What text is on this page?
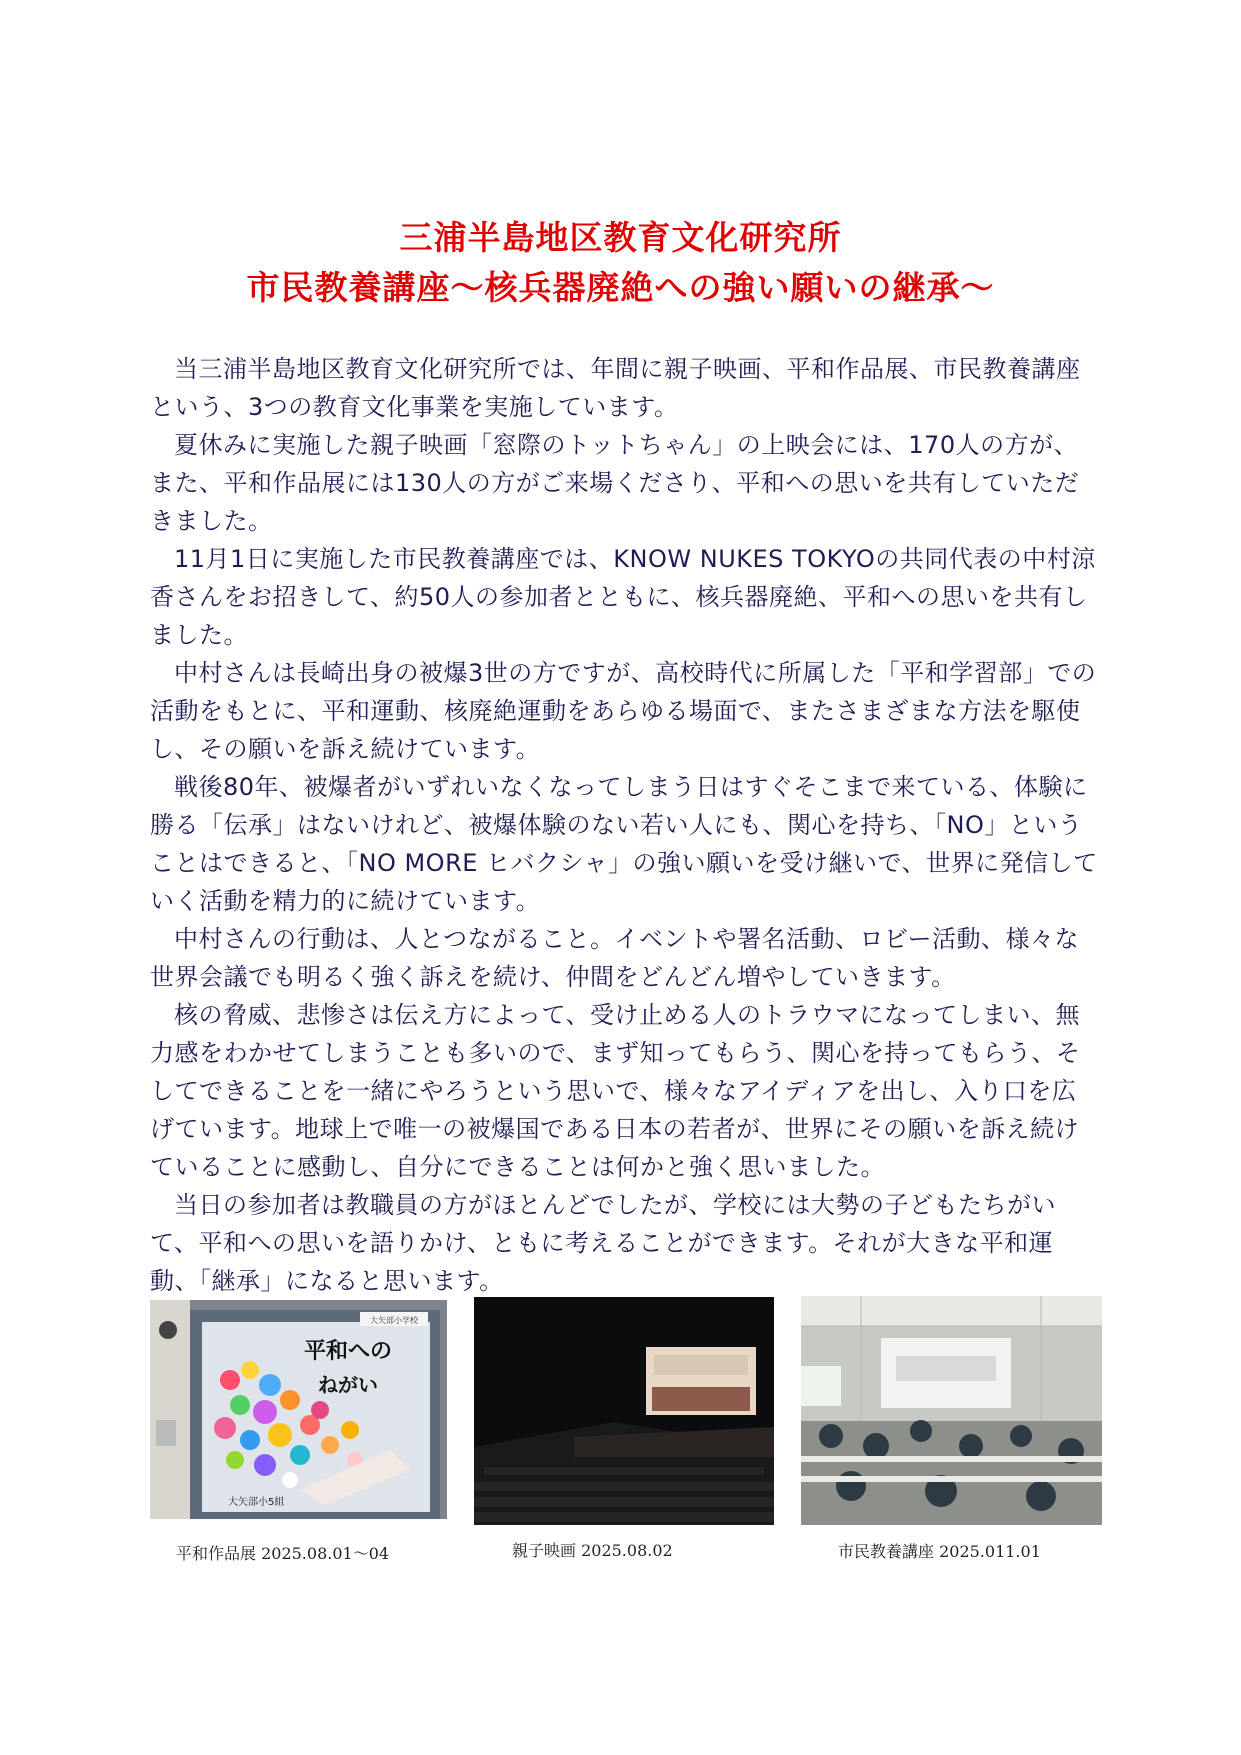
三浦半島地区教育文化研究所
市民教養講座～核兵器廃絶への強い願いの継承～

当三浦半島地区教育文化研究所では、年間に親子映画、平和作品展、市民教養講座という、3つの教育文化事業を実施しています。

夏休みに実施した親子映画「窓際のトットちゃん」の上映会には、170人の方が、また、平和作品展には130人の方がご来場くださり、平和への思いを共有していただきました。

11月1日に実施した市民教養講座では、KNOW NUKES TOKYOの共同代表の中村涼香さんをお招きして、約50人の参加者とともに、核兵器廃絶、平和への思いを共有しました。

中村さんは長崎出身の被爆3世の方ですが、高校時代に所属した「平和学習部」での活動をもとに、平和運動、核廃絶運動をあらゆる場面で、またさまざまな方法を駆使し、その願いを訴え続けています。

戦後80年、被爆者がいずれいなくなってしまう日はすぐそこまで来ている、体験に勝る「伝承」はないけれど、被爆体験のない若い人にも、関心を持ち、「NO」ということはできると、「NO MORE ヒバクシャ」の強い願いを受け継いで、世界に発信していく活動を精力的に続けています。

中村さんの行動は、人とつながること。イベントや署名活動、ロビー活動、様々な世界会議でも明るく強く訴えを続け、仲間をどんどん増やしていきます。

核の脅威、悲惨さは伝え方によって、受け止める人のトラウマになってしまい、無力感をわかせてしまうことも多いので、まず知ってもらう、関心を持ってもらう、そしてできることを一緒にやろうという思いで、様々なアイディアを出し、入り口を広げています。地球上で唯一の被爆国である日本の若者が、世界にその願いを訴え続けていることに感動し、自分にできることは何かと強く思いました。

当日の参加者は教職員の方がほとんどでしたが、学校には大勢の子どもたちがいて、平和への思いを語りかけ、ともに考えることができます。それが大きな平和運動、「継承」になると思います。

大矢部小学校
平和への
ねがい
大矢部小5組
平和作品展 2025.08.01～04	親子映画 2025.08.02	市民教養講座 2025.011.01
